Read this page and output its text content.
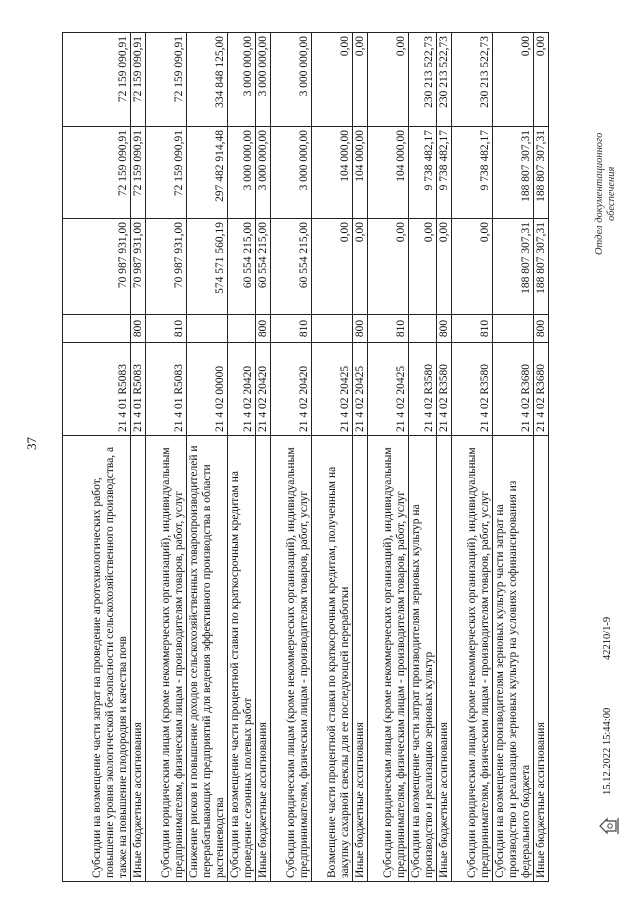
37
Субсидии на возмещение части затрат на проведение агротехнологических работ, повышение уровня экологической безопасности сельскохозяйственного производства, а также на повышение плодородия и качества почв	21 4 01 R5083		70 987 931,00	72 159 090,91	72 159 090,91
Иные бюджетные ассигнования	21 4 01 R5083	800	70 987 931,00	72 159 090,91	72 159 090,91
Субсидии юридическим лицам (кроме некоммерческих организаций), индивидуальным предпринимателям, физическим лицам - производителям товаров, работ, услуг	21 4 01 R5083	810	70 987 931,00	72 159 090,91	72 159 090,91
Снижение рисков и повышение доходов сельскохозяйственных товаропроизводителей и перерабатывающих предприятий для ведения эффективного производства в области растениеводства	21 4 02 00000		574 571 560,19	297 482 914,48	334 848 125,00
Субсидии на возмещение части процентной ставки по краткосрочным кредитам на проведение сезонных полевых работ	21 4 02 20420		60 554 215,00	3 000 000,00	3 000 000,00
Иные бюджетные ассигнования	21 4 02 20420	800	60 554 215,00	3 000 000,00	3 000 000,00
Субсидии юридическим лицам (кроме некоммерческих организаций), индивидуальным предпринимателям, физическим лицам - производителям товаров, работ, услуг	21 4 02 20420	810	60 554 215,00	3 000 000,00	3 000 000,00
Возмещение части процентной ставки по краткосрочным кредитам, полученным на закупку сахарной свеклы для ее последующей переработки	21 4 02 20425		0,00	104 000,00	0,00
Иные бюджетные ассигнования	21 4 02 20425	800	0,00	104 000,00	0,00
Субсидии юридическим лицам (кроме некоммерческих организаций), индивидуальным предпринимателям, физическим лицам - производителям товаров, работ, услуг	21 4 02 20425	810	0,00	104 000,00	0,00
Субсидии на возмещение части затрат производителям зерновых культур на производство и реализацию зерновых культур	21 4 02 R3580		0,00	9 738 482,17	230 213 522,73
Иные бюджетные ассигнования	21 4 02 R3580	800	0,00	9 738 482,17	230 213 522,73
Субсидии юридическим лицам (кроме некоммерческих организаций), индивидуальным предпринимателям, физическим лицам - производителям товаров, работ, услуг	21 4 02 R3580	810	0,00	9 738 482,17	230 213 522,73
Субсидии на возмещение производителям зерновых культур части затрат на производство и реализацию зерновых культур на условиях софинансирования из федерального бюджета	21 4 02 R3680		188 807 307,31	188 807 307,31	0,00
Иные бюджетные ассигнования	21 4 02 R3680	800	188 807 307,31	188 807 307,31	0,00
15.12.2022 15:44:00
42210/1-9
Отдел документационного обеспечения
